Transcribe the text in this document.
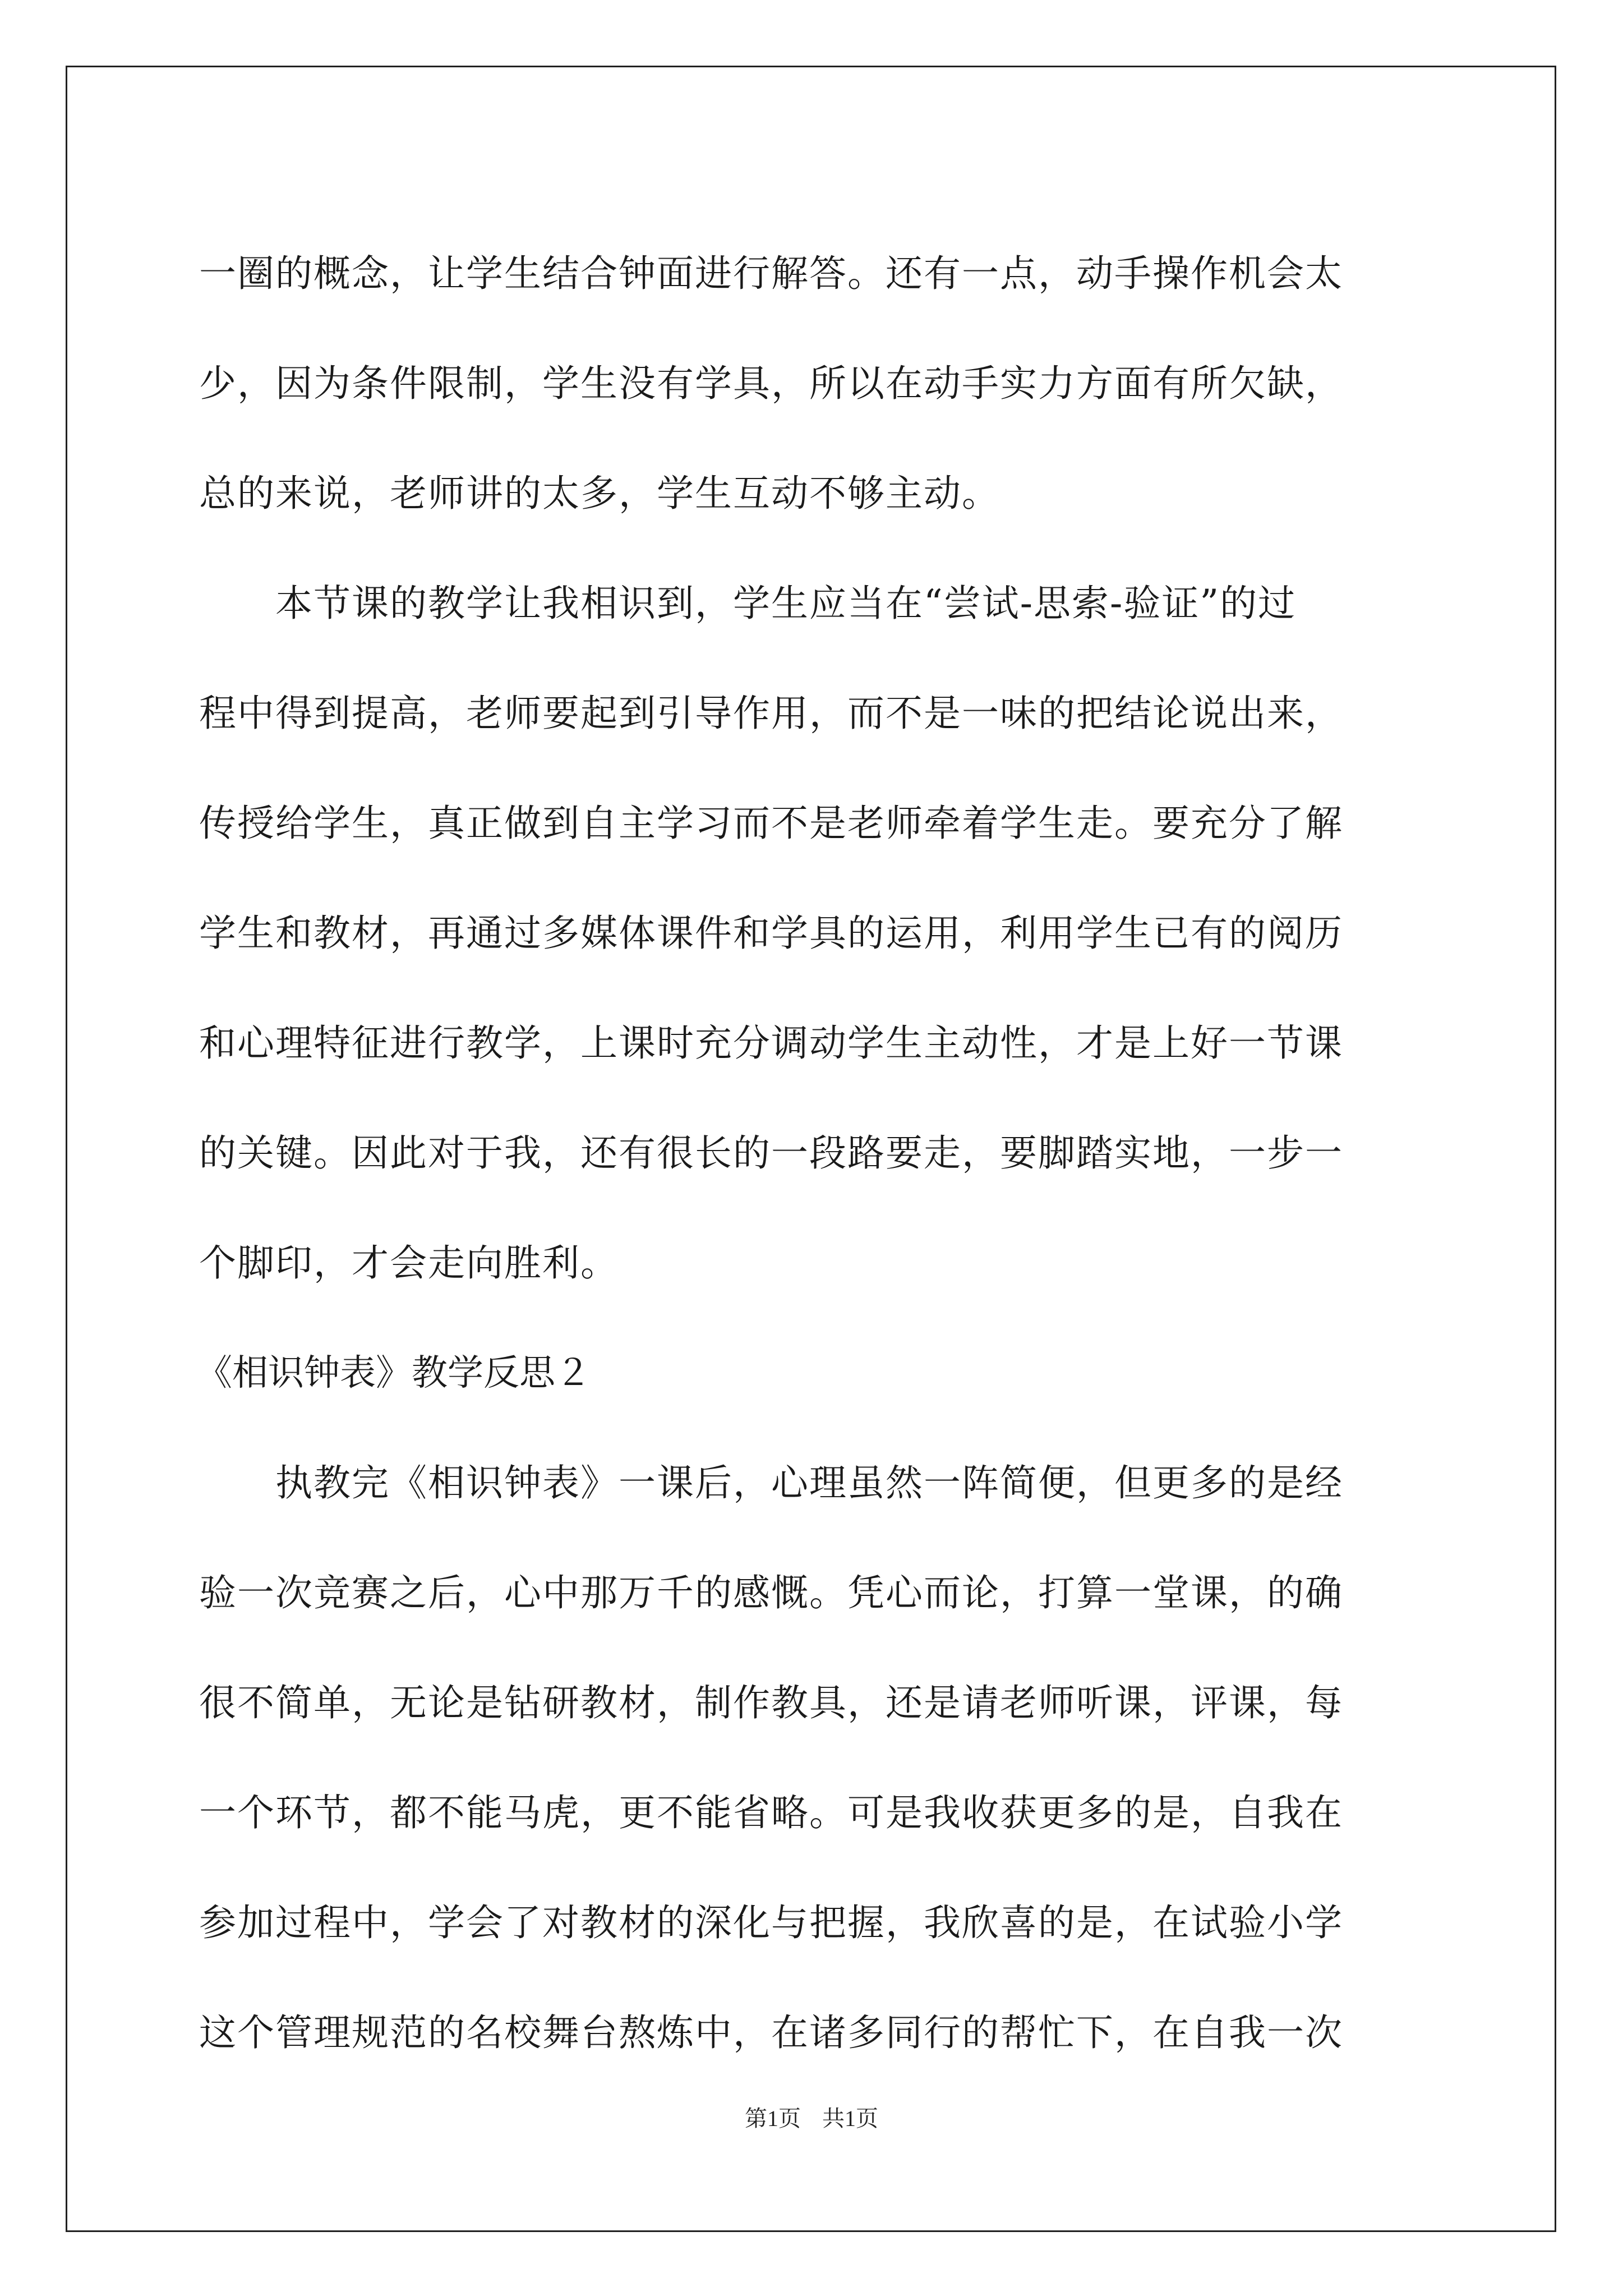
一圈的概念，让学生结合钟面进行解答。还有一点，动手操作机会太
少，因为条件限制，学生没有学具，所以在动手实力方面有所欠缺，
总的来说，老师讲的太多，学生互动不够主动。
本节课的教学让我相识到，学生应当在“尝试-思索-验证”的过
程中得到提高，老师要起到引导作用，而不是一味的把结论说出来，
传授给学生，真正做到自主学习而不是老师牵着学生走。要充分了解
学生和教材，再通过多媒体课件和学具的运用，利用学生已有的阅历
和心理特征进行教学，上课时充分调动学生主动性，才是上好一节课
的关键。因此对于我，还有很长的一段路要走，要脚踏实地，一步一
个脚印，才会走向胜利。
《相识钟表》教学反思２
执教完《相识钟表》一课后，心理虽然一阵简便，但更多的是经
验一次竞赛之后，心中那万千的感慨。凭心而论，打算一堂课，的确
很不简单，无论是钻研教材，制作教具，还是请老师听课，评课，每
一个环节，都不能马虎，更不能省略。可是我收获更多的是，自我在
参加过程中，学会了对教材的深化与把握，我欣喜的是，在试验小学
这个管理规范的名校舞台熬炼中，在诸多同行的帮忙下，在自我一次
第1页 共1页
